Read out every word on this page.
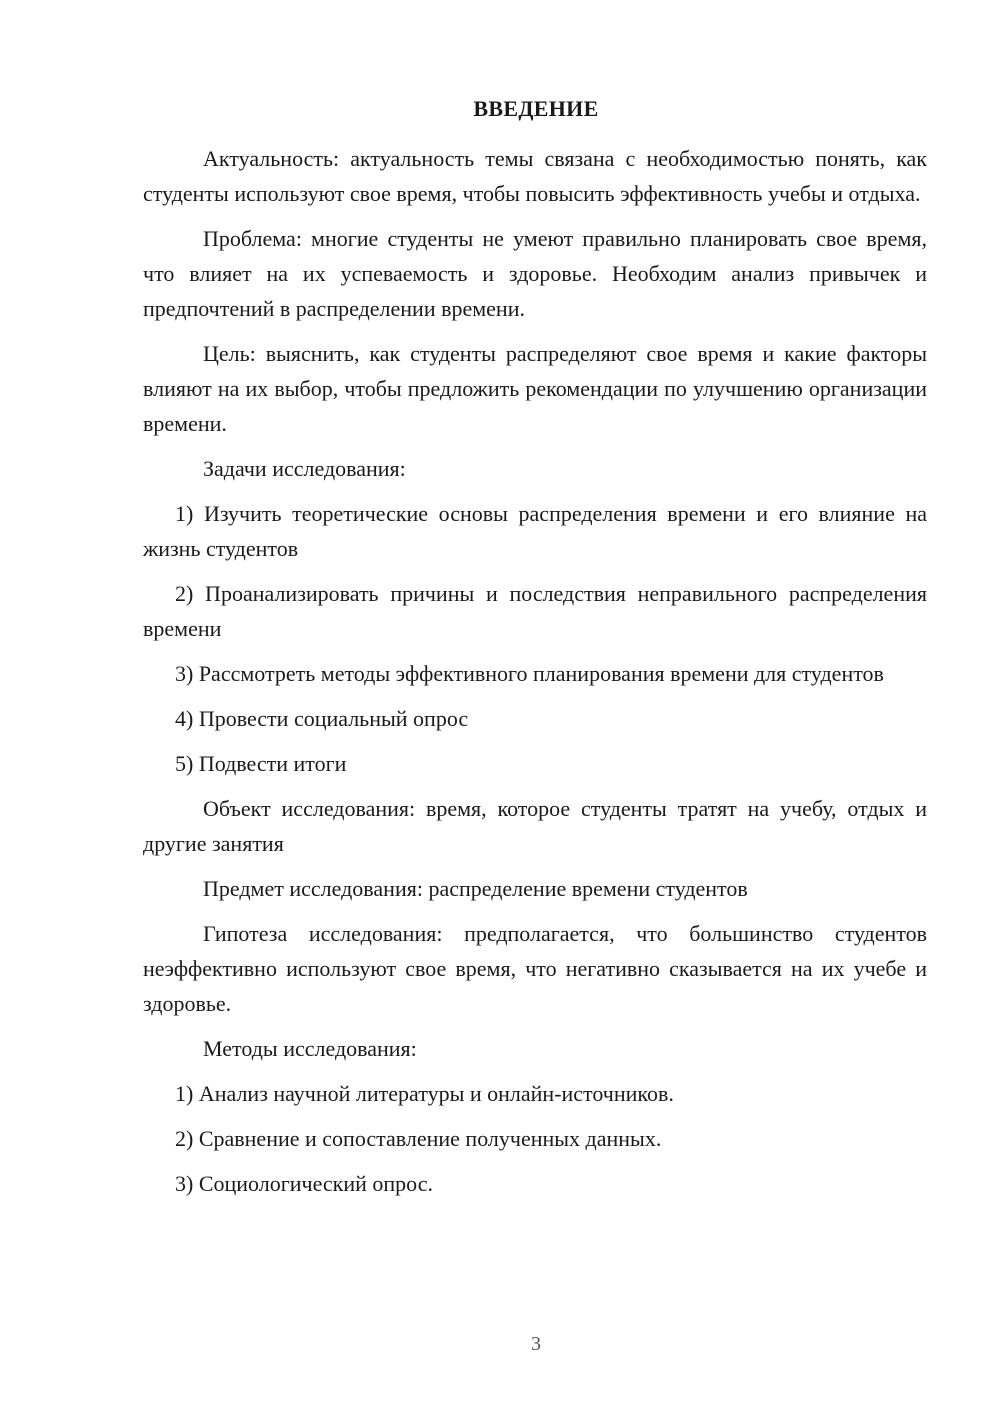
ВВЕДЕНИЕ

Актуальность: актуальность темы связана с необходимостью понять, как студенты используют свое время, чтобы повысить эффективность учебы и отдыха.

Проблема: многие студенты не умеют правильно планировать свое время, что влияет на их успеваемость и здоровье. Необходим анализ привычек и предпочтений в распределении времени.

Цель: выяснить, как студенты распределяют свое время и какие факторы влияют на их выбор, чтобы предложить рекомендации по улучшению организации времени.

Задачи исследования:

1) Изучить теоретические основы распределения времени и его влияние на жизнь студентов

2) Проанализировать причины и последствия неправильного распределения времени

3) Рассмотреть методы эффективного планирования времени для студентов

4) Провести социальный опрос

5) Подвести итоги

Объект исследования: время, которое студенты тратят на учебу, отдых и другие занятия

Предмет исследования: распределение времени студентов

Гипотеза исследования: предполагается, что большинство студентов неэффективно используют свое время, что негативно сказывается на их учебе и здоровье.

Методы исследования:

1) Анализ научной литературы и онлайн-источников.

2) Сравнение и сопоставление полученных данных.

3) Социологический опрос.

3
